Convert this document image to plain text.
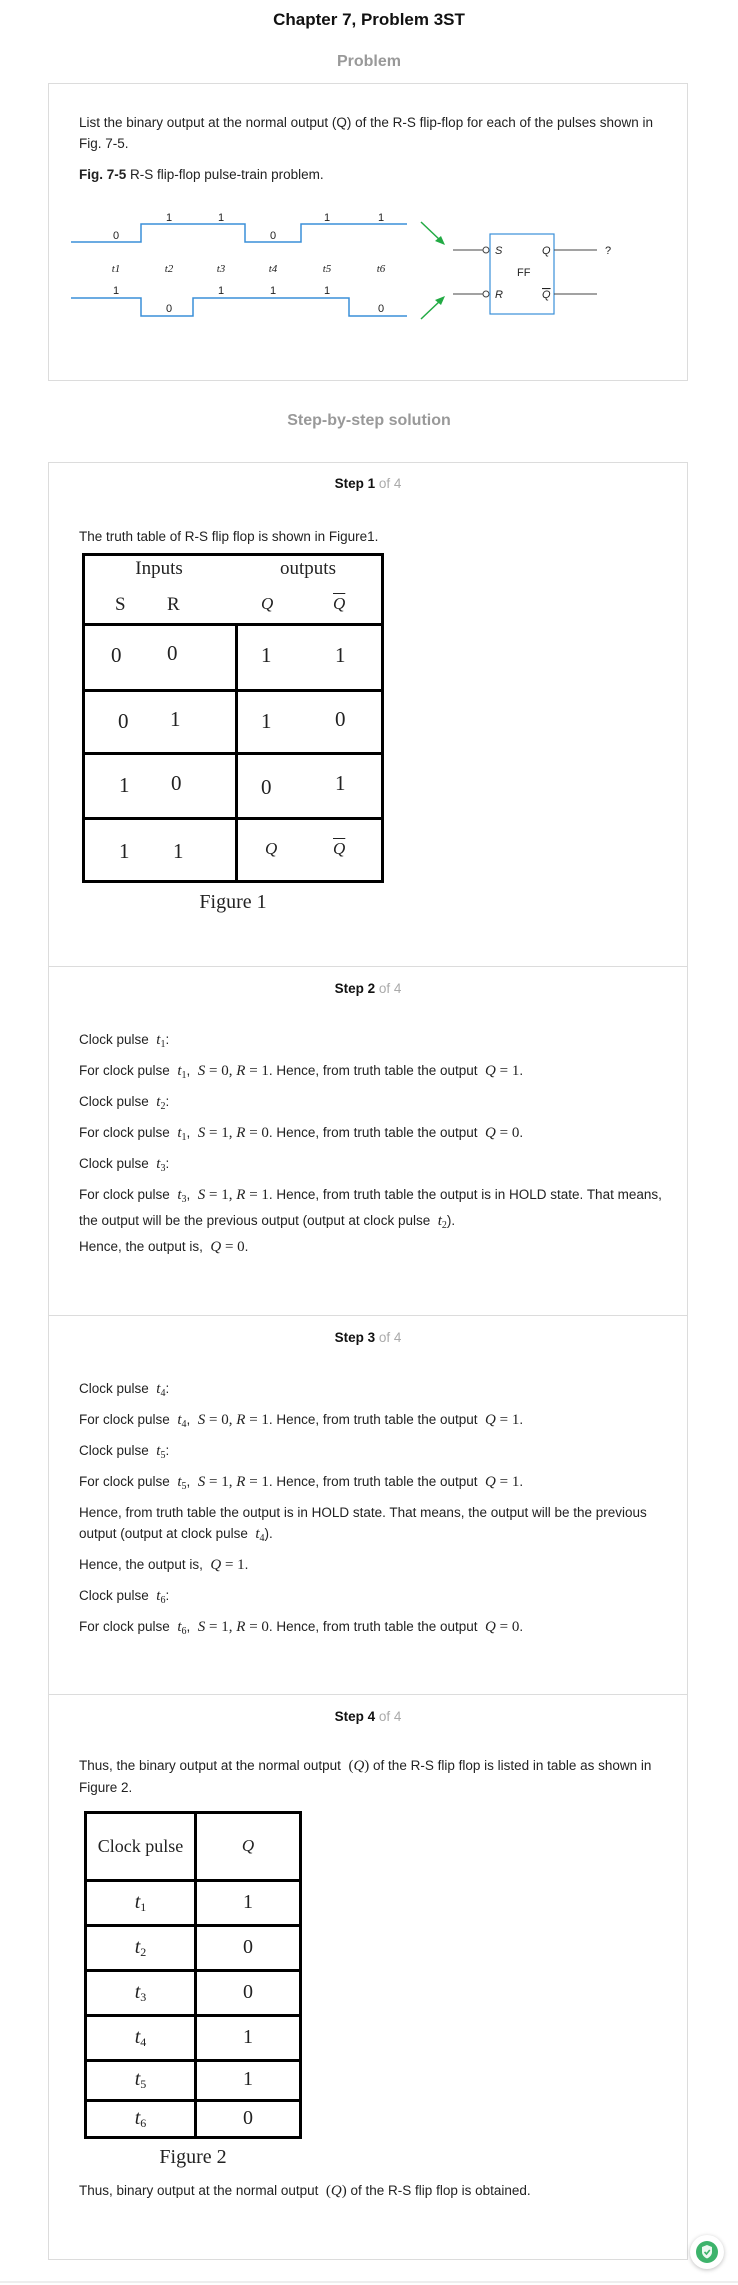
Chapter 7, Problem 3ST
Problem
List the binary output at the normal output (Q) of the R-S flip-flop for each of the pulses shown in Fig. 7-5.
Fig. 7-5 R-S flip-flop pulse-train problem.
0
1	1
0
1	1
1
0
1	1	1
0
t1	t2	t3	t4	t5	t6
S
R
Q
Q
FF
?
Step-by-step solution
Step 1 of 4
The truth table of R-S flip flop is shown in Figure1.
Inputs	outputs
S R	Q	$\overline{Q}$
0 0	1	1
0 1	1	0
1 0	0	1
1 1	Q	$\overline{Q}$
Figure 1
Step 2 of 4
Clock pulse $t_1$:
For clock pulse $t_1$,  S = 0, R = 1. Hence, from truth table the output Q = 1.
Clock pulse $t_2$:
For clock pulse $t_1$,  S = 1, R = 0. Hence, from truth table the output Q = 0.
Clock pulse $t_3$:
For clock pulse $t_3$,  S = 1, R = 1. Hence, from truth table the output is in HOLD state. That means, the output will be the previous output (output at clock pulse $t_2$).
Hence, the output is, Q = 0.
Step 3 of 4
Clock pulse $t_4$:
For clock pulse $t_4$,  S = 0, R = 1. Hence, from truth table the output Q = 1.
Clock pulse $t_5$:
For clock pulse $t_5$,  S = 1, R = 1. Hence, from truth table the output Q = 1.
Hence, from truth table the output is in HOLD state. That means, the output will be the previous output (output at clock pulse $t_4$).
Hence, the output is, Q = 1.
Clock pulse $t_6$:
For clock pulse $t_6$,  S = 1, R = 0. Hence, from truth table the output Q = 0.
Step 4 of 4
Thus, the binary output at the normal output (Q) of the R-S flip flop is listed in table as shown in Figure 2.
Clock pulse	Q
$t_1$	1
$t_2$	0
$t_3$	0
$t_4$	1
$t_5$	1
$t_6$	0
Figure 2
Thus, binary output at the normal output (Q) of the R-S flip flop is obtained.
